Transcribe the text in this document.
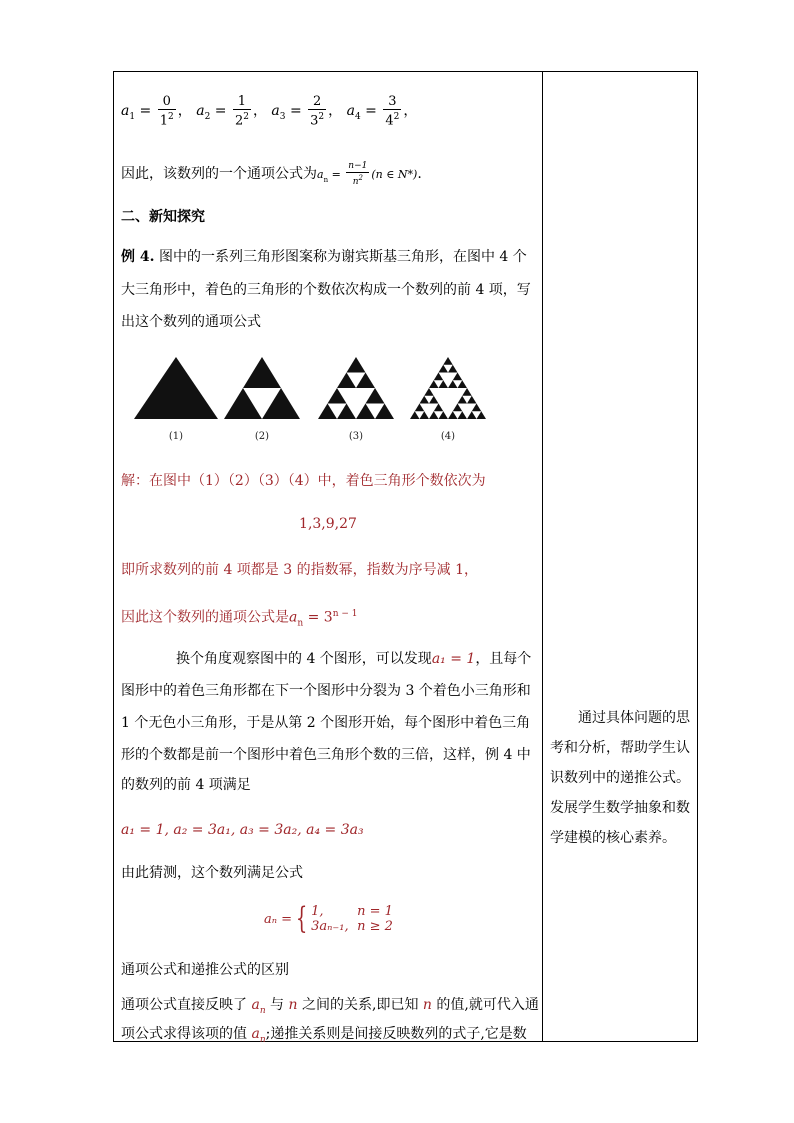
$a_1 = \frac{0}{1^2}$ ， $a_2 = \frac{1}{2^2}$ ， $a_3 = \frac{2}{3^2}$ ， $a_4 = \frac{3}{4^2}$ ，
因此，该数列的一个通项公式为$a_n = \frac{n-1}{n^2} (n$ ∈ N*).
二、新知探究
例 4. 图中的一系列三角形图案称为谢宾斯基三角形，在图中 4 个
大三角形中，着色的三角形的个数依次构成一个数列的前 4 项，写
出这个数列的通项公式
(1)	(2)	(3)	(4)
解：在图中（1）（2）（3）（4）中，着色三角形个数依次为
1,3,9,27
即所求数列的前 4 项都是 3 的指数幂，指数为序号减 1，
因此这个数列的通项公式是$a_n = 3^{n - 1}$
换个角度观察图中的 4 个图形，可以发现a₁ = 1，且每个
图形中的着色三角形都在下一个图形中分裂为 3 个着色小三角形和
1 个无色小三角形，于是从第 2 个图形开始，每个图形中着色三角
形的个数都是前一个图形中着色三角形个数的三倍，这样，例 4 中
的数列的前 4 项满足
a₁ = 1, a₂ = 3a₁, a₃ = 3a₂, a₄ = 3a₃
由此猜测，这个数列满足公式
aₙ = { 1,	n = 1
3aₙ₋₁, n ≥ 2
通项公式和递推公式的区别
通项公式直接反映了 $a_n$ 与 n 之间的关系,即已知 n 的值,就可代入通
项公式求得该项的值 $a_n$;递推关系则是间接反映数列的式子,它是数
通过具体问题的思
考和分析，帮助学生认
识数列中的递推公式。
发展学生数学抽象和数
学建模的核心素养。
